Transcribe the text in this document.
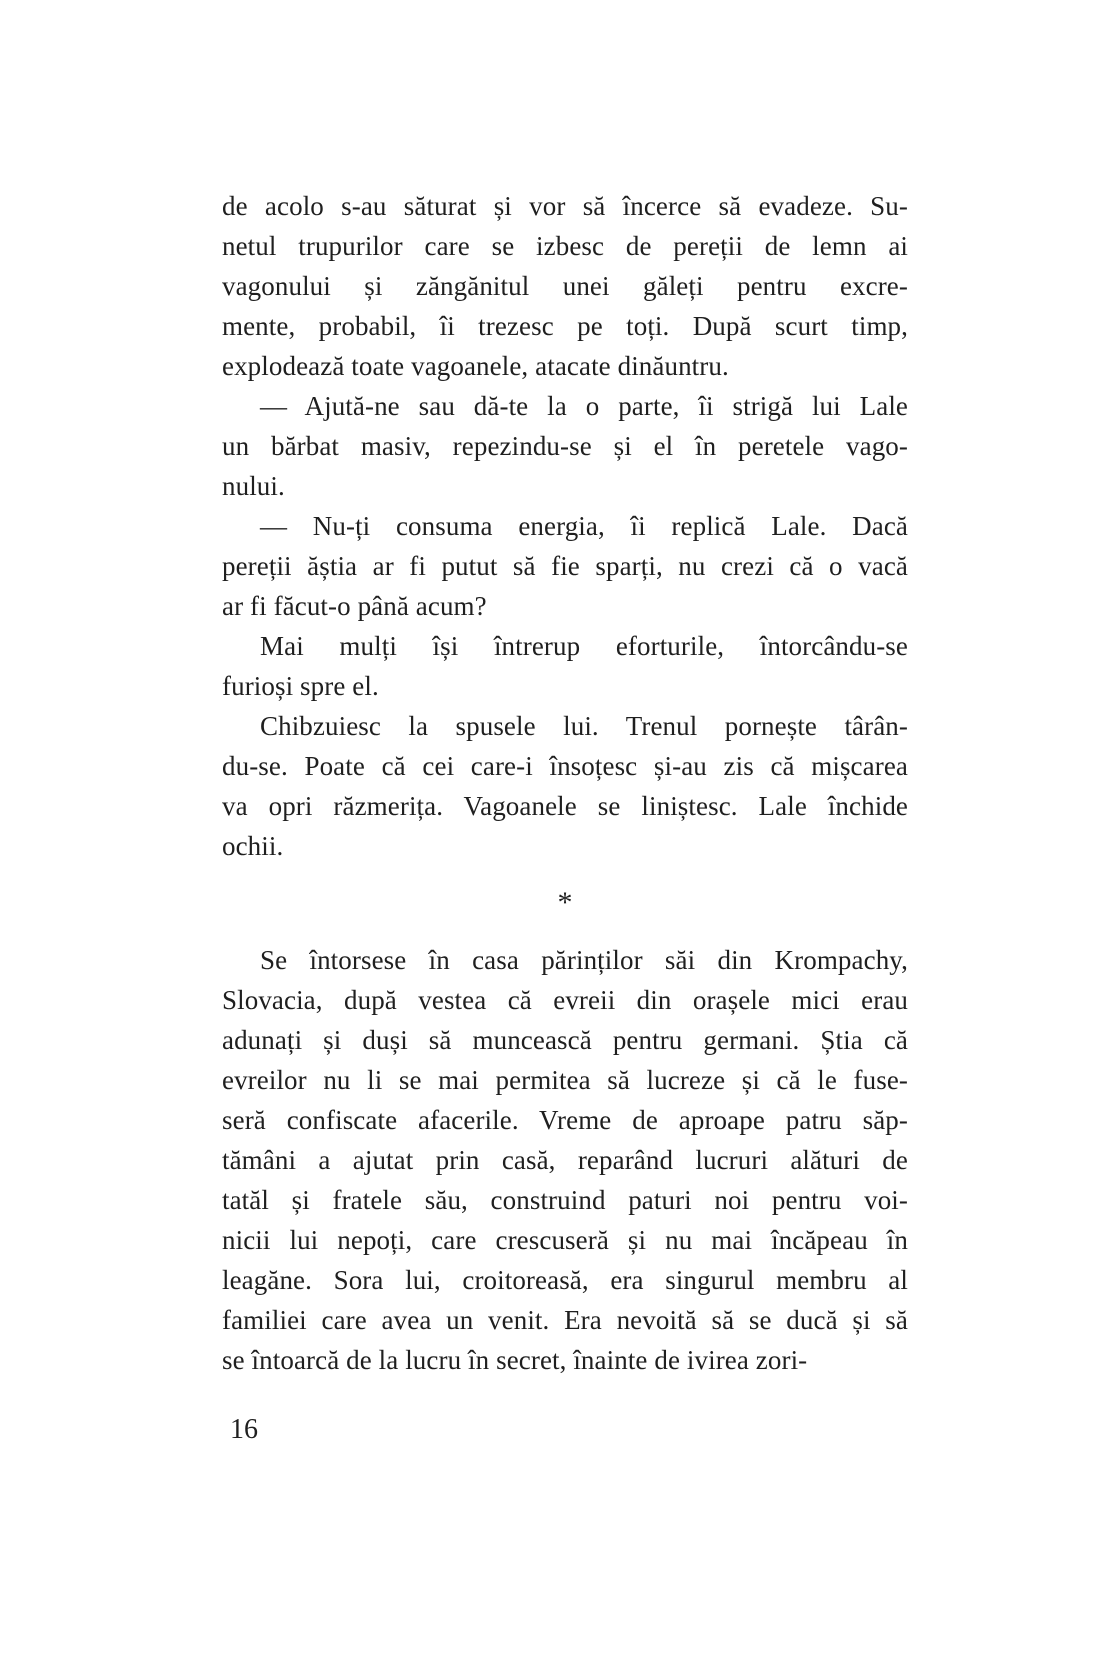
de acolo s-au săturat și vor să încerce să evadeze. Su-
netul trupurilor care se izbesc de pereții de lemn ai
vagonului și zăngănitul unei găleți pentru excre-
mente, probabil, îi trezesc pe toți. După scurt timp,
explodează toate vagoanele, atacate dinăuntru.
— Ajută-ne sau dă-te la o parte, îi strigă lui Lale
un bărbat masiv, repezindu-se și el în peretele vago-
nului.
— Nu-ți consuma energia, îi replică Lale. Dacă
pereții ăștia ar fi putut să fie sparți, nu crezi că o vacă
ar fi făcut-o până acum?
Mai mulți își întrerup eforturile, întorcându-se
furioși spre el.
Chibzuiesc la spusele lui. Trenul pornește târân-
du-se. Poate că cei care-i însoțesc și-au zis că mișcarea
va opri răzmerița. Vagoanele se liniștesc. Lale închide
ochii.
*
Se întorsese în casa părinților săi din Krompachy,
Slovacia, după vestea că evreii din orașele mici erau
adunați și duși să muncească pentru germani. Știa că
evreilor nu li se mai permitea să lucreze și că le fuse-
seră confiscate afacerile. Vreme de aproape patru săp-
tămâni a ajutat prin casă, reparând lucruri alături de
tatăl și fratele său, construind paturi noi pentru voi-
nicii lui nepoți, care crescuseră și nu mai încăpeau în
leagăne. Sora lui, croitoreasă, era singurul membru al
familiei care avea un venit. Era nevoită să se ducă și să
se întoarcă de la lucru în secret, înainte de ivirea zori-
16
